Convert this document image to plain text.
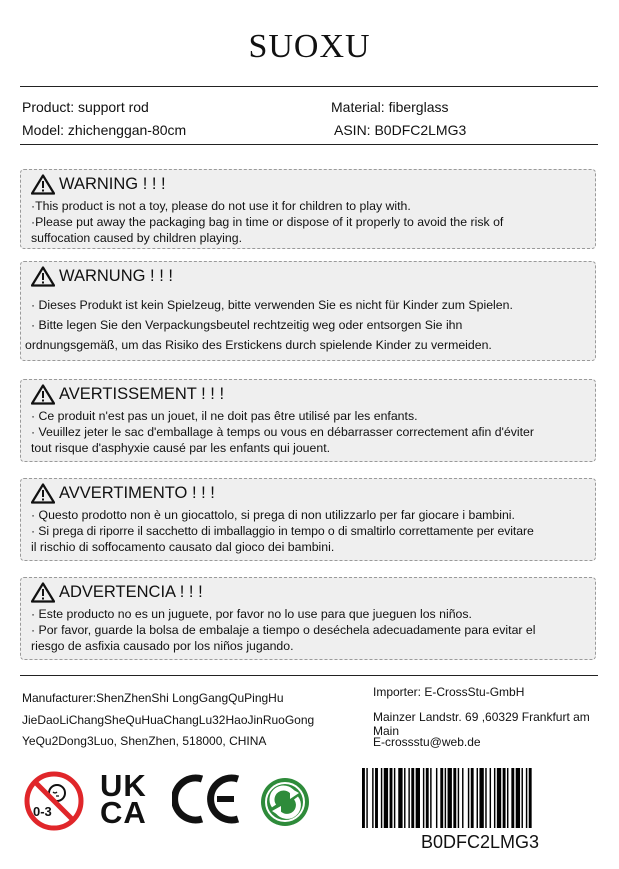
SUOXU
Product: support rod	Material: fiberglass
Model: zhichenggan-80cm	ASIN: B0DFC2LMG3
WARNING ! ! !
·This product is not a toy, please do not use it for children to play with.
·Please put away the packaging bag in time or dispose of it properly to avoid the risk of
suffocation caused by children playing.
WARNUNG ! ! !
· Dieses Produkt ist kein Spielzeug, bitte verwenden Sie es nicht für Kinder zum Spielen.
· Bitte legen Sie den Verpackungsbeutel rechtzeitig weg oder entsorgen Sie ihn
ordnungsgemäß, um das Risiko des Erstickens durch spielende Kinder zu vermeiden.
AVERTISSEMENT ! ! !
· Ce produit n'est pas un jouet, il ne doit pas être utilisé par les enfants.
· Veuillez jeter le sac d'emballage à temps ou vous en débarrasser correctement afin d'éviter
tout risque d'asphyxie causé par les enfants qui jouent.
AVVERTIMENTO ! ! !
· Questo prodotto non è un giocattolo, si prega di non utilizzarlo per far giocare i bambini.
· Si prega di riporre il sacchetto di imballaggio in tempo o di smaltirlo correttamente per evitare
il rischio di soffocamento causato dal gioco dei bambini.
ADVERTENCIA ! ! !
· Este producto no es un juguete, por favor no lo use para que jueguen los niños.
· Por favor, guarde la bolsa de embalaje a tiempo o deséchela adecuadamente para evitar el
riesgo de asfixia causado por los niños jugando.
Manufacturer:ShenZhenShi LongGangQuPingHu
JieDaoLiChangSheQuHuaChangLu32HaoJinRuoGong
YeQu2Dong3Luo, ShenZhen, 518000, CHINA
Importer: E-CrossStu-GmbH
Mainzer Landstr. 69 ,60329 Frankfurt am Main
E-crossstu@web.de
0-3
UK
CA
CE
B0DFC2LMG3
